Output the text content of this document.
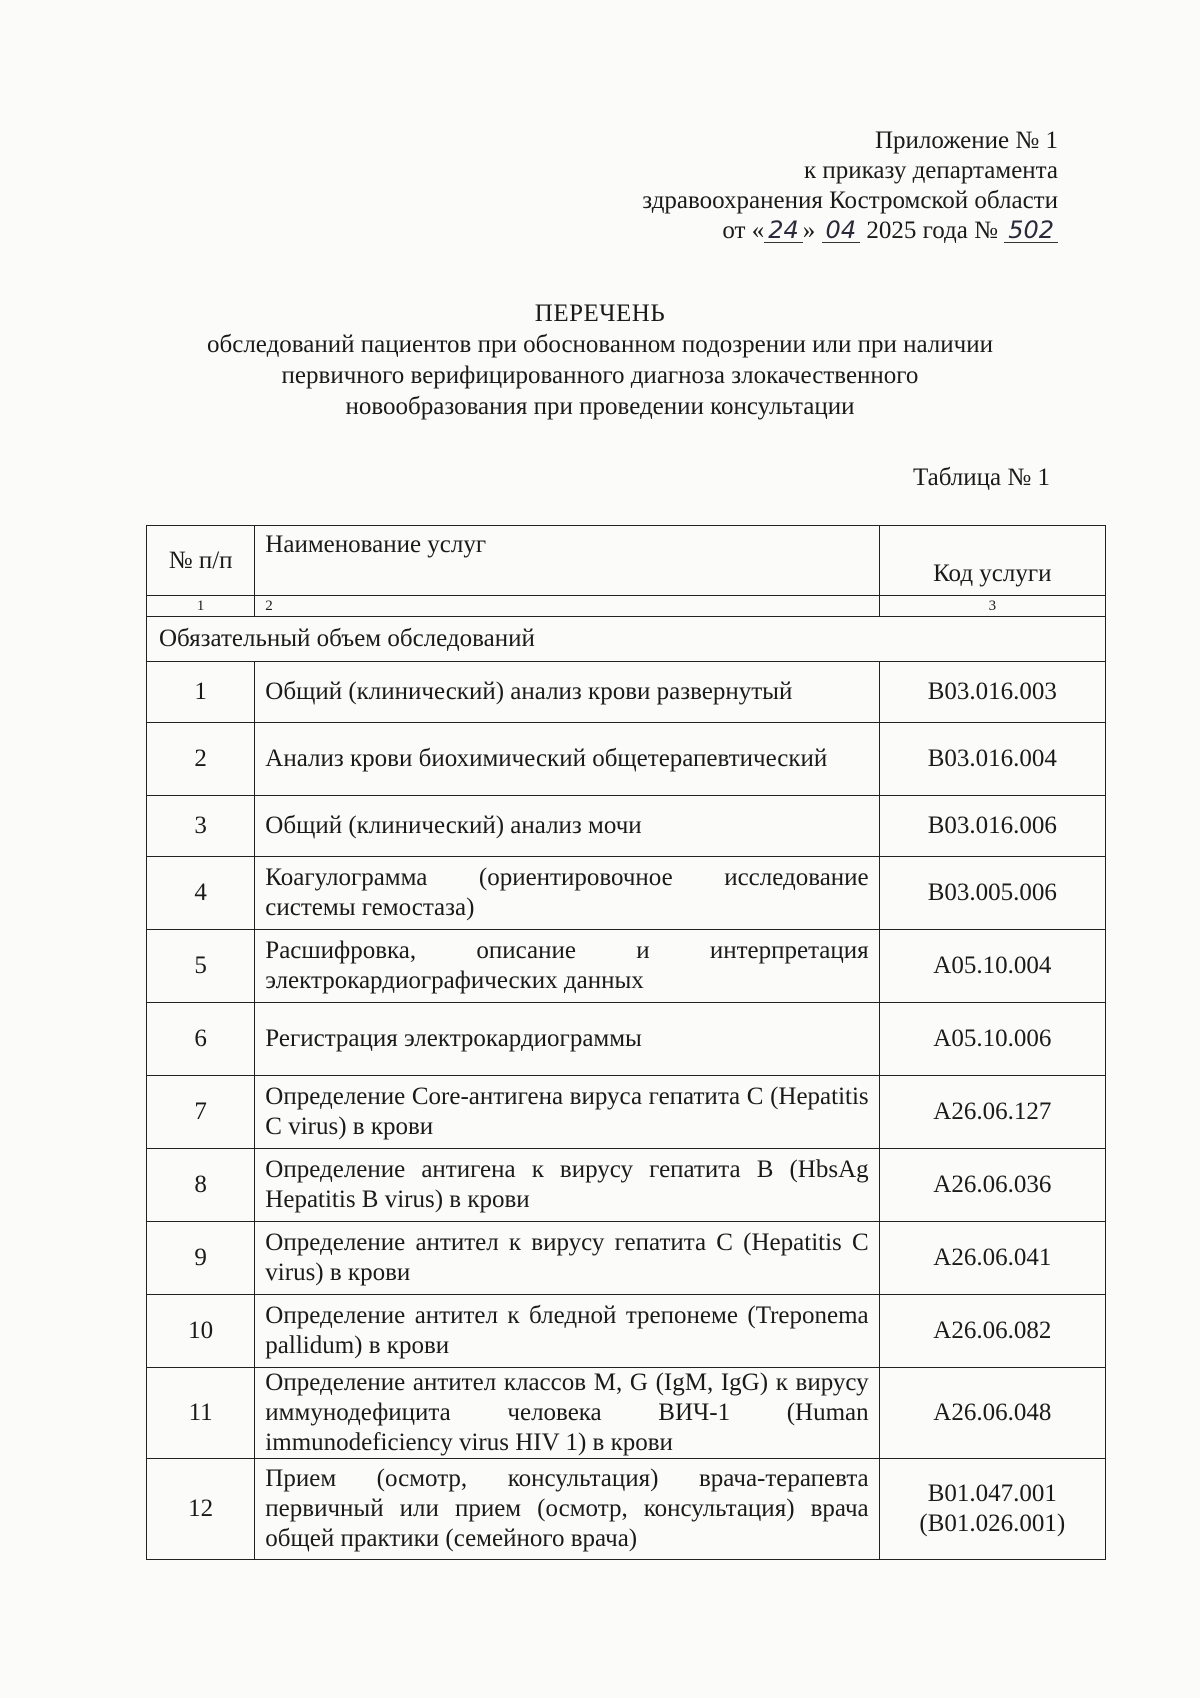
Приложение № 1
к приказу департамента
здравоохранения Костромской области
от « 24 » 04 2025 года № 502
ПЕРЕЧЕНЬ
обследований пациентов при обоснованном подозрении или при наличии
первичного верифицированного диагноза злокачественного
новообразования при проведении консультации
Таблица № 1
№ п/п	Наименование услуг	Код услуги
1	2	3
Обязательный объем обследований		
1	Общий (клинический) анализ крови развернутый	В03.016.003
2	Анализ крови биохимический общетерапевтический	В03.016.004
3	Общий (клинический) анализ мочи	В03.016.006
4	Коагулограмма (ориентировочное исследование системы гемостаза)	В03.005.006
5	Расшифровка, описание и интерпретация электрокардиографических данных	А05.10.004
6	Регистрация электрокардиограммы	А05.10.006
7	Определение Core-антигена вируса гепатита С (Hepatitis C virus) в крови	А26.06.127
8	Определение антигена к вирусу гепатита В (HbsAg Hepatitis B virus) в крови	А26.06.036
9	Определение антител к вирусу гепатита С (Hepatitis C virus) в крови	А26.06.041
10	Определение антител к бледной трепонеме (Treponema pallidum) в крови	А26.06.082
11	Определение антител классов M, G (IgM, IgG) к вирусу иммунодефицита человека ВИЧ-1 (Human immunodeficiency virus HIV 1) в крови	А26.06.048
12	Прием (осмотр, консультация) врача-терапевта первичный или прием (осмотр, консультация) врача общей практики (семейного врача)	В01.047.001
(В01.026.001)
